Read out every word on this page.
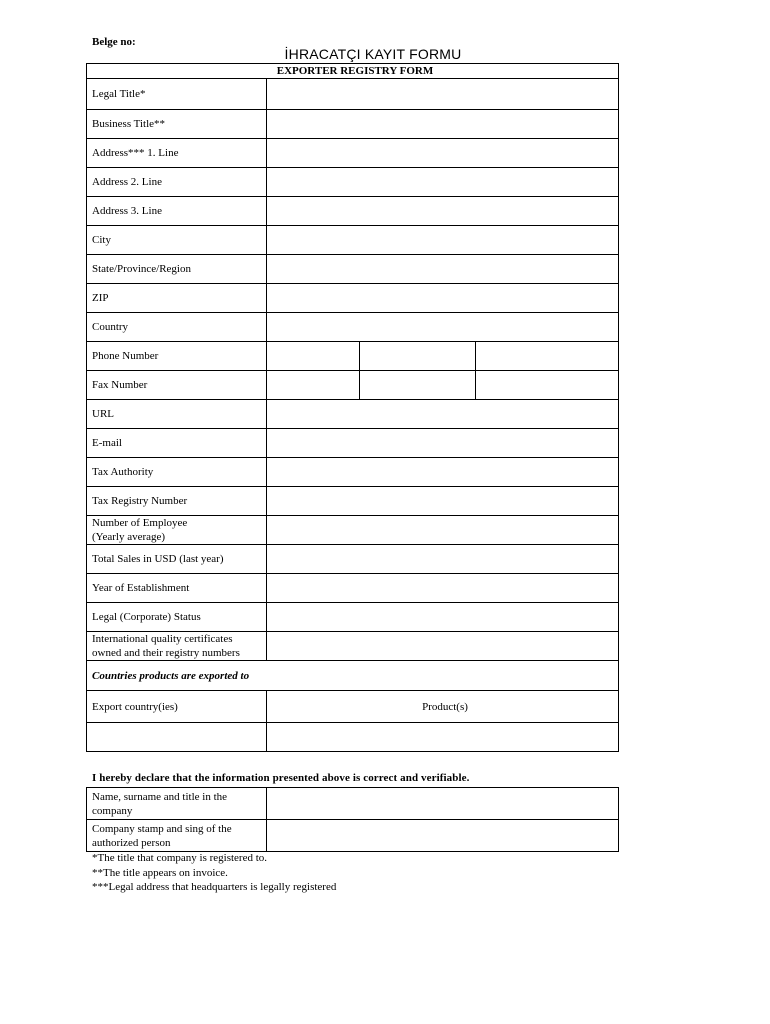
Belge no:
İHRACATÇI KAYIT FORMU
EXPORTER REGISTRY FORM			
Legal Title*			
Business Title**			
Address*** 1. Line			
Address 2. Line			
Address 3. Line			
City			
State/Province/Region			
ZIP			
Country			
Phone Number			
Fax Number			
URL			
E-mail			
Tax Authority			
Tax Registry Number			

Number of Employee
(Yearly average)			

Total Sales in USD (last year)			
Year of Establishment			
Legal (Corporate) Status			

International quality certificates
owned and their registry numbers			

Countries products are exported to			
Export country(ies)	Product(s)		

I hereby declare that the information presented above is correct and verifiable.
Name, surname and title in the
company	

Company stamp and sing of the
authorized person	

*The title that company is registered to.
**The title appears on invoice.
***Legal address that headquarters is legally registered
